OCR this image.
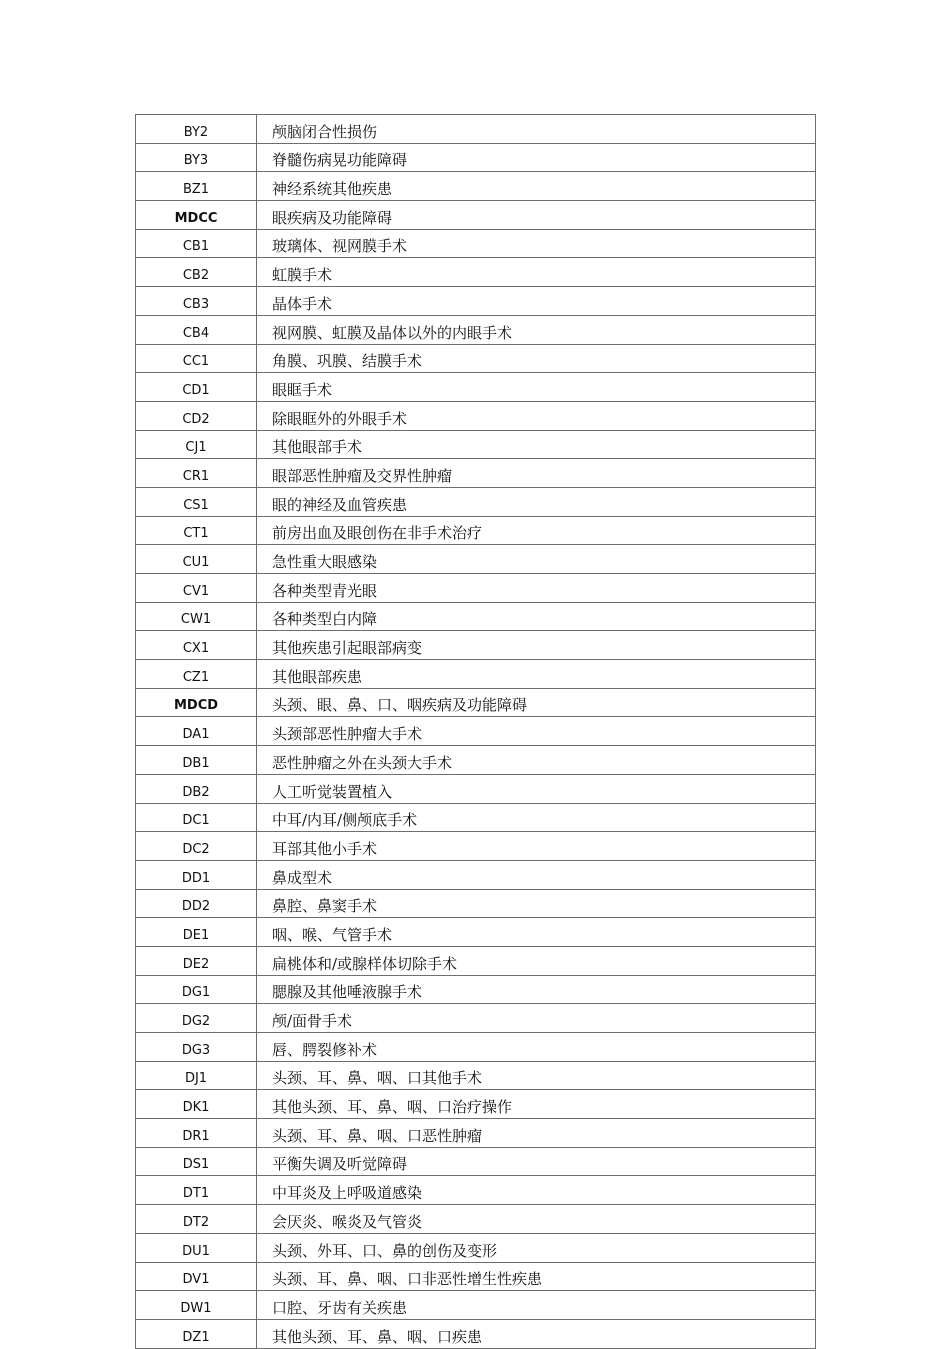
BY2	颅脑闭合性损伤
BY3	脊髓伤病晃功能障碍
BZ1	神经系统其他疾患
MDCC	眼疾病及功能障碍
CB1	玻璃体、视网膜手术
CB2	虹膜手术
CB3	晶体手术
CB4	视网膜、虹膜及晶体以外的内眼手术
CC1	角膜、巩膜、结膜手术
CD1	眼眶手术
CD2	除眼眶外的外眼手术
CJ1	其他眼部手术
CR1	眼部恶性肿瘤及交界性肿瘤
CS1	眼的神经及血管疾患
CT1	前房出血及眼创伤在非手术治疗
CU1	急性重大眼感染
CV1	各种类型青光眼
CW1	各种类型白内障
CX1	其他疾患引起眼部病变
CZ1	其他眼部疾患
MDCD	头颈、眼、鼻、口、咽疾病及功能障碍
DA1	头颈部恶性肿瘤大手术
DB1	恶性肿瘤之外在头颈大手术
DB2	人工听觉装置植入
DC1	中耳/内耳/侧颅底手术
DC2	耳部其他小手术
DD1	鼻成型术
DD2	鼻腔、鼻窦手术
DE1	咽、喉、气管手术
DE2	扁桃体和/或腺样体切除手术
DG1	腮腺及其他唾液腺手术
DG2	颅/面骨手术
DG3	唇、腭裂修补术
DJ1	头颈、耳、鼻、咽、口其他手术
DK1	其他头颈、耳、鼻、咽、口治疗操作
DR1	头颈、耳、鼻、咽、口恶性肿瘤
DS1	平衡失调及听觉障碍
DT1	中耳炎及上呼吸道感染
DT2	会厌炎、喉炎及气管炎
DU1	头颈、外耳、口、鼻的创伤及变形
DV1	头颈、耳、鼻、咽、口非恶性增生性疾患
DW1	口腔、牙齿有关疾患
DZ1	其他头颈、耳、鼻、咽、口疾患
